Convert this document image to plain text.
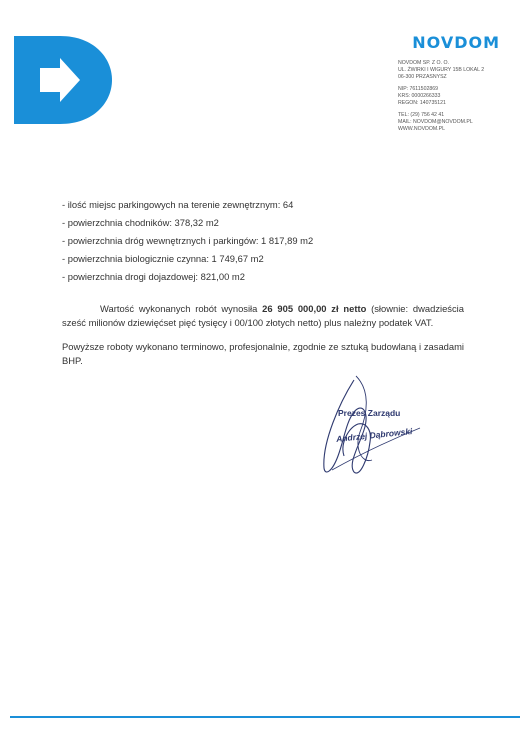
NOVDOM
NOVDOM SP. Z O. O.
UL. ŻWIRKI I WIGURY 15B LOKAL 2
06-300 PRZASNYSZ
NIP: 7611502869
KRS: 0000266333
REGON: 140735121
TEL: (29) 756 42 41
MAIL: NOVDOM@NOVDOM.PL
WWW.NOVDOM.PL
- ilość miejsc parkingowych na terenie zewnętrznym: 64
- powierzchnia chodników: 378,32 m2
- powierzchnia dróg wewnętrznych i parkingów: 1 817,89 m2
- powierzchnia biologicznie czynna: 1 749,67 m2
- powierzchnia drogi dojazdowej: 821,00 m2

Wartość wykonanych robót wynosiła 26 905 000,00 zł netto (słownie: dwadzieścia sześć milionów dziewięćset pięć tysięcy i 00/100 złotych netto) plus należny podatek VAT.

Powyższe roboty wykonano terminowo, profesjonalnie, zgodnie ze sztuką budowlaną i zasadami BHP.

Prezes Zarządu
Andrzej Dąbrowski
